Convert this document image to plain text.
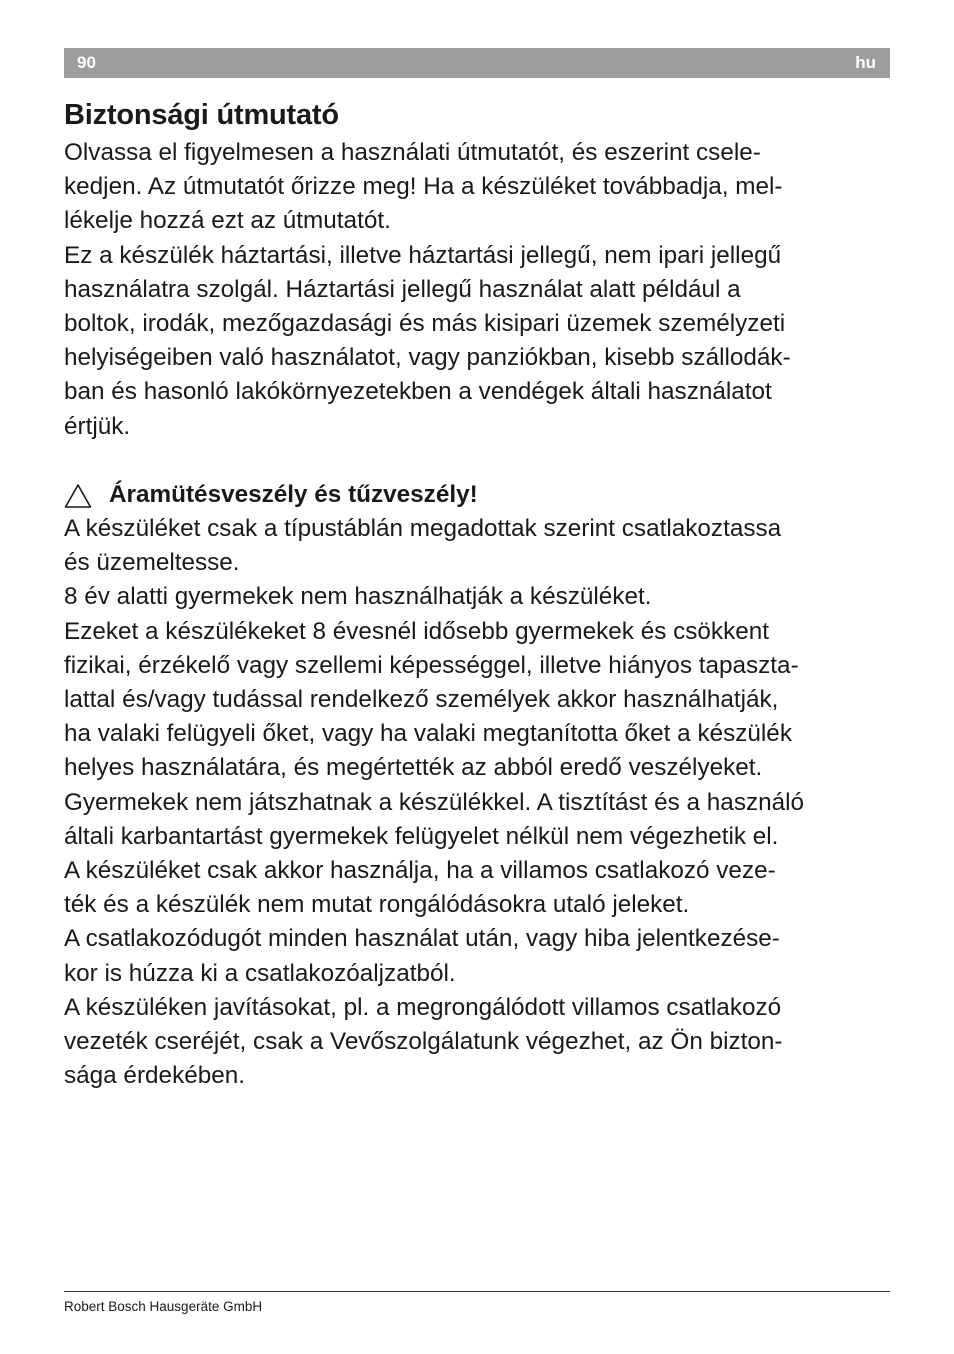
90	hu
Biztonsági útmutató

Olvassa el figyelmesen a használati útmutatót, és eszerint csele-

kedjen. Az útmutatót őrizze meg! Ha a készüléket továbbadja, mel-

lékelje hozzá ezt az útmutatót.

Ez a készülék háztartási, illetve háztartási jellegű, nem ipari jellegű

használatra szolgál. Háztartási jellegű használat alatt például a

boltok, irodák, mezőgazdasági és más kisipari üzemek személyzeti

helyiségeiben való használatot, vagy panziókban, kisebb szállodák-

ban és hasonló lakókörnyezetekben a vendégek általi használatot

értjük.

Áramütésveszély és tűzveszély!

A készüléket csak a típustáblán megadottak szerint csatlakoztassa

és üzemeltesse.

8 év alatti gyermekek nem használhatják a készüléket.

Ezeket a készülékeket 8 évesnél idősebb gyermekek és csökkent

fizikai, érzékelő vagy szellemi képességgel, illetve hiányos tapaszta-

lattal és/vagy tudással rendelkező személyek akkor használhatják,

ha valaki felügyeli őket, vagy ha valaki megtanította őket a készülék

helyes használatára, és megértették az abból eredő veszélyeket.

Gyermekek nem játszhatnak a készülékkel. A tisztítást és a használó

általi karbantartást gyermekek felügyelet nélkül nem végezhetik el.

A készüléket csak akkor használja, ha a villamos csatlakozó veze-

ték és a készülék nem mutat rongálódásokra utaló jeleket.

A csatlakozódugót minden használat után, vagy hiba jelentkezése-

kor is húzza ki a csatlakozóaljzatból.

A készüléken javításokat, pl. a megrongálódott villamos csatlakozó

vezeték cseréjét, csak a Vevőszolgálatunk végezhet, az Ön bizton-

sága érdekében.

Robert Bosch Hausgeräte GmbH
